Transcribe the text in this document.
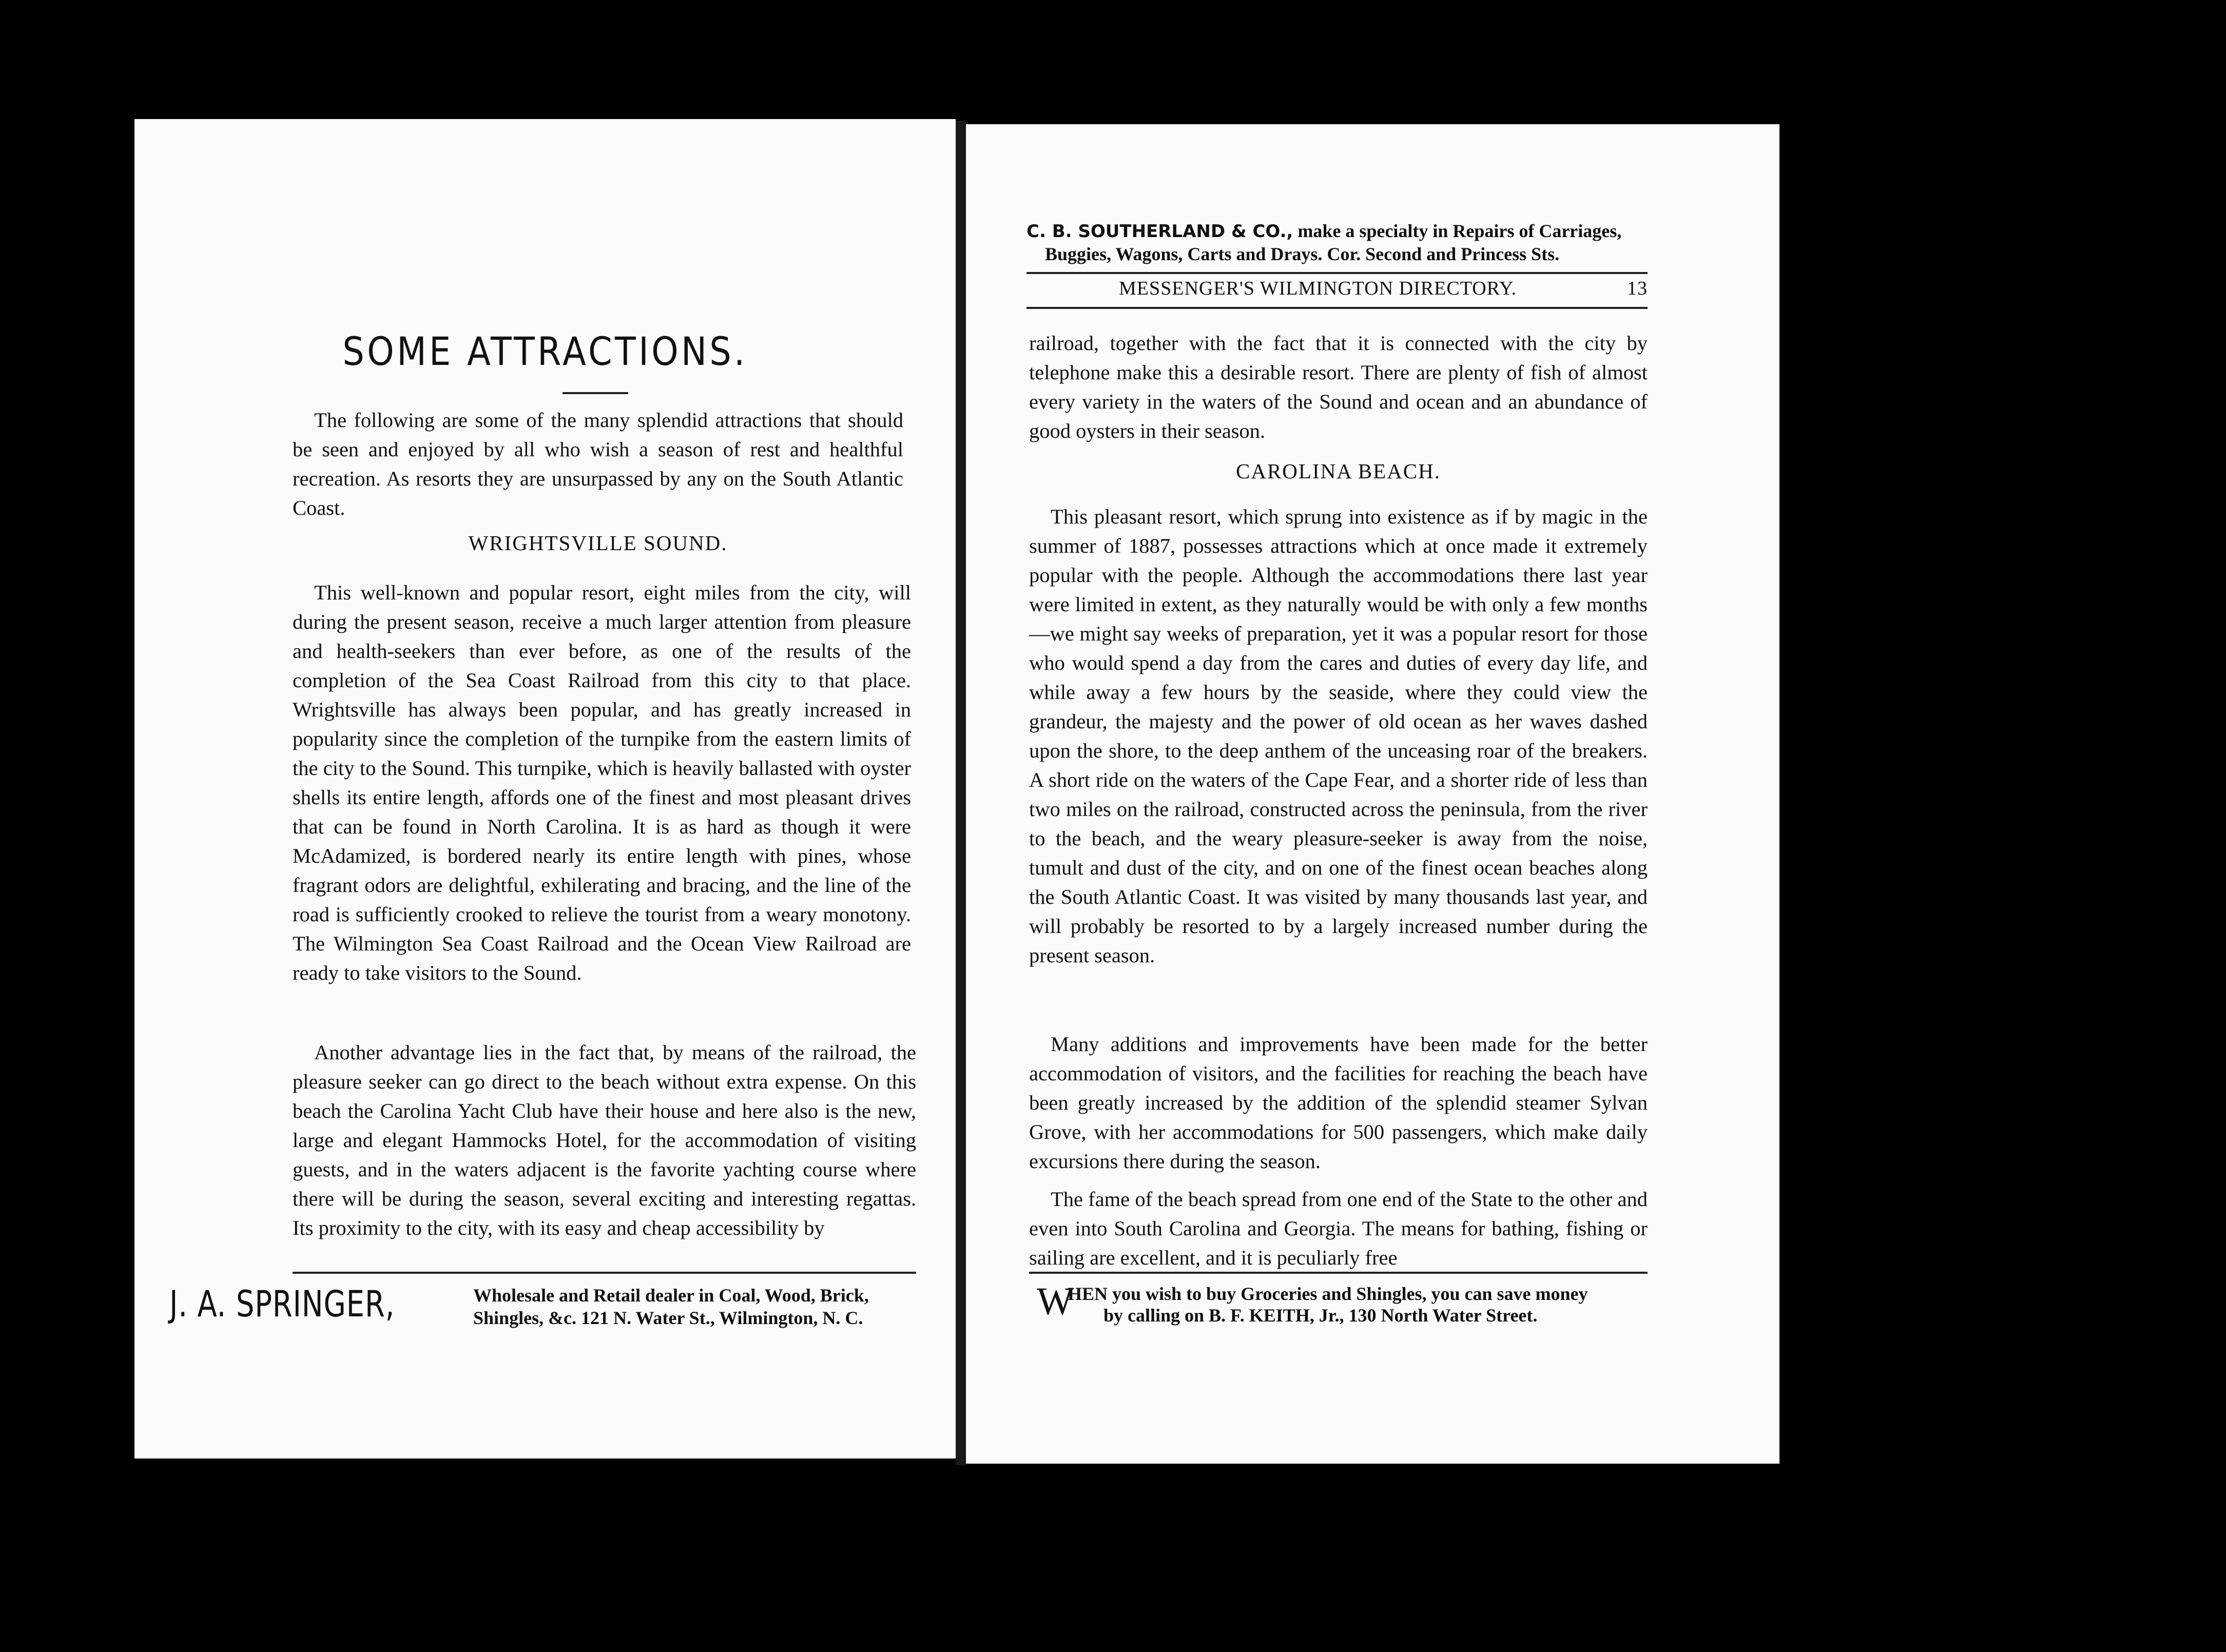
SOME ATTRACTIONS.

The following are some of the many splendid attractions that should be seen and enjoyed by all who wish a season of rest and healthful recreation. As resorts they are unsurpassed by any on the South Atlantic Coast.

WRIGHTSVILLE SOUND.

This well-known and popular resort, eight miles from the city, will during the present season, receive a much larger attention from pleasure and health-seekers than ever before, as one of the results of the completion of the Sea Coast Railroad from this city to that place. Wrightsville has always been popular, and has greatly increased in popularity since the completion of the turnpike from the eastern limits of the city to the Sound. This turnpike, which is heavily ballasted with oyster shells its entire length, affords one of the finest and most pleasant drives that can be found in North Carolina. It is as hard as though it were McAdamized, is bordered nearly its entire length with pines, whose fragrant odors are delightful, exhilerating and bracing, and the line of the road is sufficiently crooked to relieve the tourist from a weary monotony. The Wilmington Sea Coast Railroad and the Ocean View Railroad are ready to take visitors to the Sound.

Another advantage lies in the fact that, by means of the railroad, the pleasure seeker can go direct to the beach without extra expense. On this beach the Carolina Yacht Club have their house and here also is the new, large and elegant Hammocks Hotel, for the accommodation of visiting guests, and in the waters adjacent is the favorite yachting course where there will be during the season, several exciting and interesting regattas. Its proximity to the city, with its easy and cheap accessibility by

J. A. SPRINGER,	Wholesale and Retail dealer in Coal, Wood, Brick,
Shingles, &c. 121 N. Water St., Wilmington, N. C.
C. B. SOUTHERLAND & CO., make a specialty in Repairs of Carriages,
Buggies, Wagons, Carts and Drays. Cor. Second and Princess Sts.
MESSENGER'S WILMINGTON DIRECTORY.	13

railroad, together with the fact that it is connected with the city by telephone make this a desirable resort. There are plenty of fish of almost every variety in the waters of the Sound and ocean and an abundance of good oysters in their season.

CAROLINA BEACH.

This pleasant resort, which sprung into existence as if by magic in the summer of 1887, possesses attractions which at once made it extremely popular with the people. Although the accommodations there last year were limited in extent, as they naturally would be with only a few months—we might say weeks of preparation, yet it was a popular resort for those who would spend a day from the cares and duties of every day life, and while away a few hours by the seaside, where they could view the grandeur, the majesty and the power of old ocean as her waves dashed upon the shore, to the deep anthem of the unceasing roar of the breakers. A short ride on the waters of the Cape Fear, and a shorter ride of less than two miles on the railroad, constructed across the peninsula, from the river to the beach, and the weary pleasure-seeker is away from the noise, tumult and dust of the city, and on one of the finest ocean beaches along the South Atlantic Coast. It was visited by many thousands last year, and will probably be resorted to by a largely increased number during the present season.

Many additions and improvements have been made for the better accommodation of visitors, and the facilities for reaching the beach have been greatly increased by the addition of the splendid steamer Sylvan Grove, with her accommodations for 500 passengers, which make daily excursions there during the season.

The fame of the beach spread from one end of the State to the other and even into South Carolina and Georgia. The means for bathing, fishing or sailing are excellent, and it is peculiarly free

W
HEN you wish to buy Groceries and Shingles, you can save money
by calling on B. F. KEITH, Jr., 130 North Water Street.
